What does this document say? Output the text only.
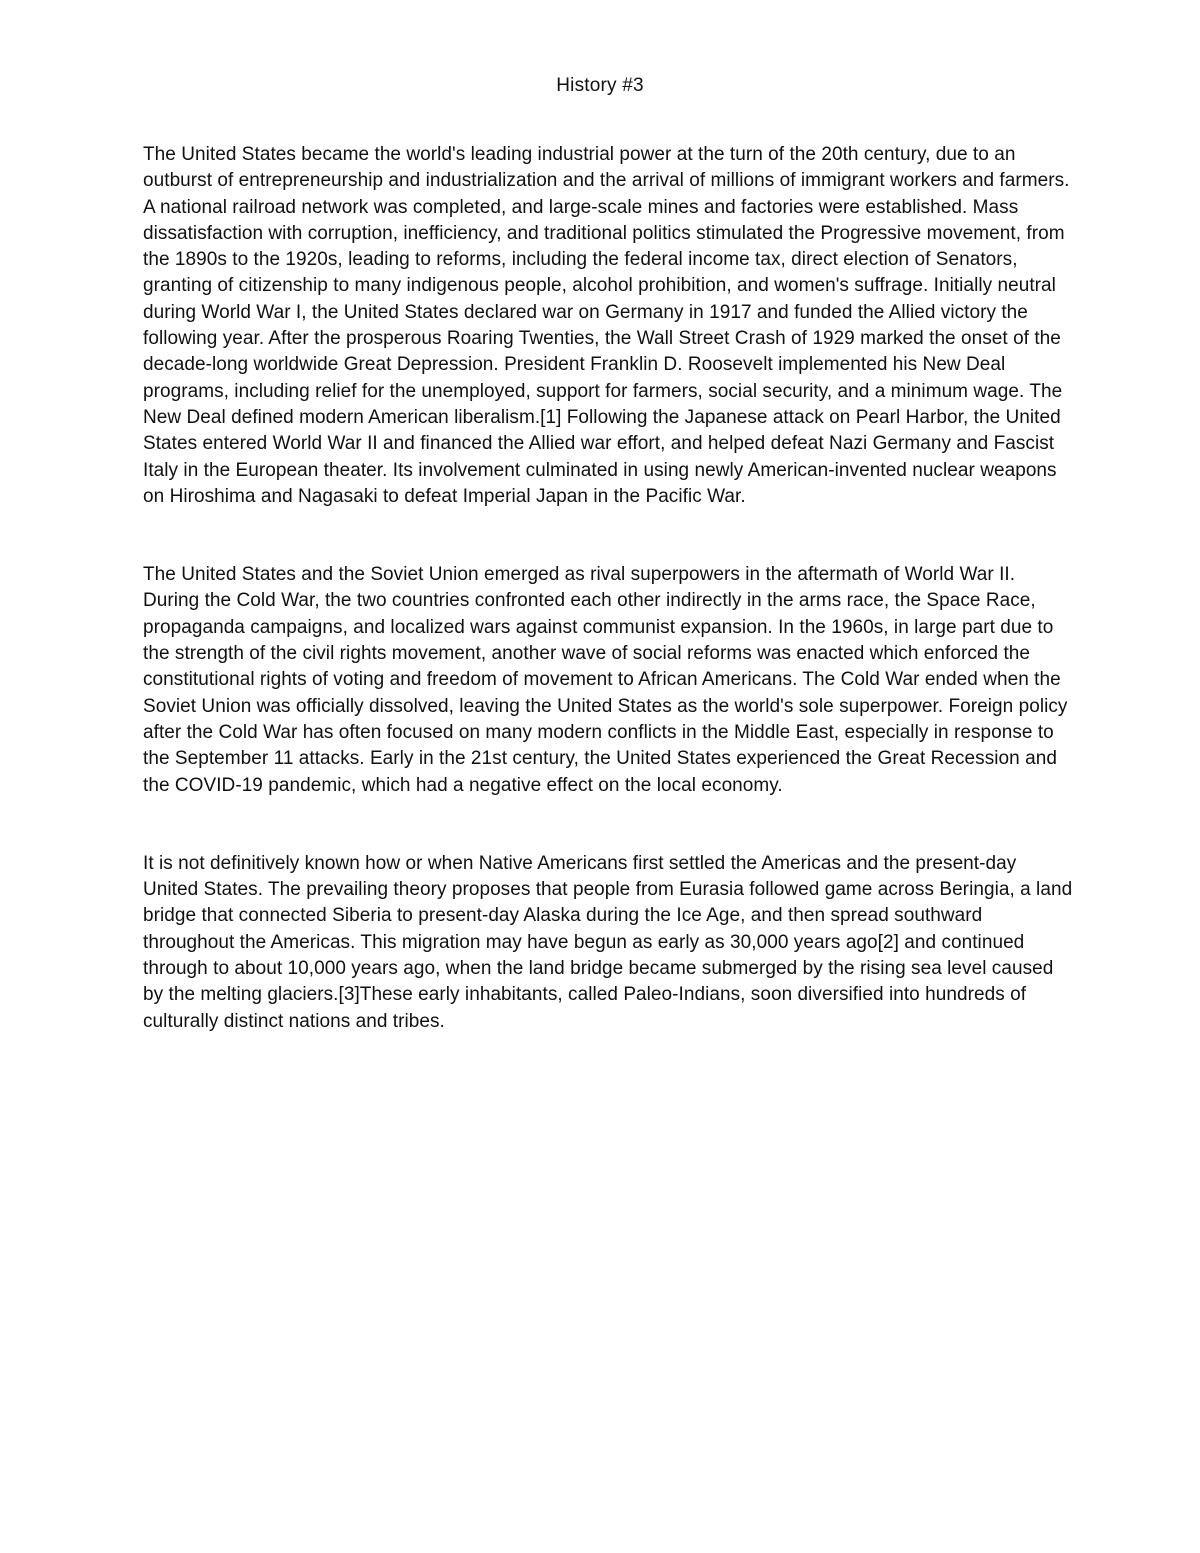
History #3

The United States became the world's leading industrial power at the turn of the 20th century, due to an outburst of entrepreneurship and industrialization and the arrival of millions of immigrant workers and farmers. A national railroad network was completed, and large-scale mines and factories were established. Mass dissatisfaction with corruption, inefficiency, and traditional politics stimulated the Progressive movement, from the 1890s to the 1920s, leading to reforms, including the federal income tax, direct election of Senators, granting of citizenship to many indigenous people, alcohol prohibition, and women's suffrage. Initially neutral during World War I, the United States declared war on Germany in 1917 and funded the Allied victory the following year. After the prosperous Roaring Twenties, the Wall Street Crash of 1929 marked the onset of the decade-long worldwide Great Depression. President Franklin D. Roosevelt implemented his New Deal programs, including relief for the unemployed, support for farmers, social security, and a minimum wage. The New Deal defined modern American liberalism.[1] Following the Japanese attack on Pearl Harbor, the United States entered World War II and financed the Allied war effort, and helped defeat Nazi Germany and Fascist Italy in the European theater. Its involvement culminated in using newly American-invented nuclear weapons on Hiroshima and Nagasaki to defeat Imperial Japan in the Pacific War.

The United States and the Soviet Union emerged as rival superpowers in the aftermath of World War II. During the Cold War, the two countries confronted each other indirectly in the arms race, the Space Race, propaganda campaigns, and localized wars against communist expansion. In the 1960s, in large part due to the strength of the civil rights movement, another wave of social reforms was enacted which enforced the constitutional rights of voting and freedom of movement to African Americans. The Cold War ended when the Soviet Union was officially dissolved, leaving the United States as the world's sole superpower. Foreign policy after the Cold War has often focused on many modern conflicts in the Middle East, especially in response to the September 11 attacks. Early in the 21st century, the United States experienced the Great Recession and the COVID-19 pandemic, which had a negative effect on the local economy.

It is not definitively known how or when Native Americans first settled the Americas and the present-day United States. The prevailing theory proposes that people from Eurasia followed game across Beringia, a land bridge that connected Siberia to present-day Alaska during the Ice Age, and then spread southward throughout the Americas. This migration may have begun as early as 30,000 years ago[2] and continued through to about 10,000 years ago, when the land bridge became submerged by the rising sea level caused by the melting glaciers.[3]These early inhabitants, called Paleo-Indians, soon diversified into hundreds of culturally distinct nations and tribes.
